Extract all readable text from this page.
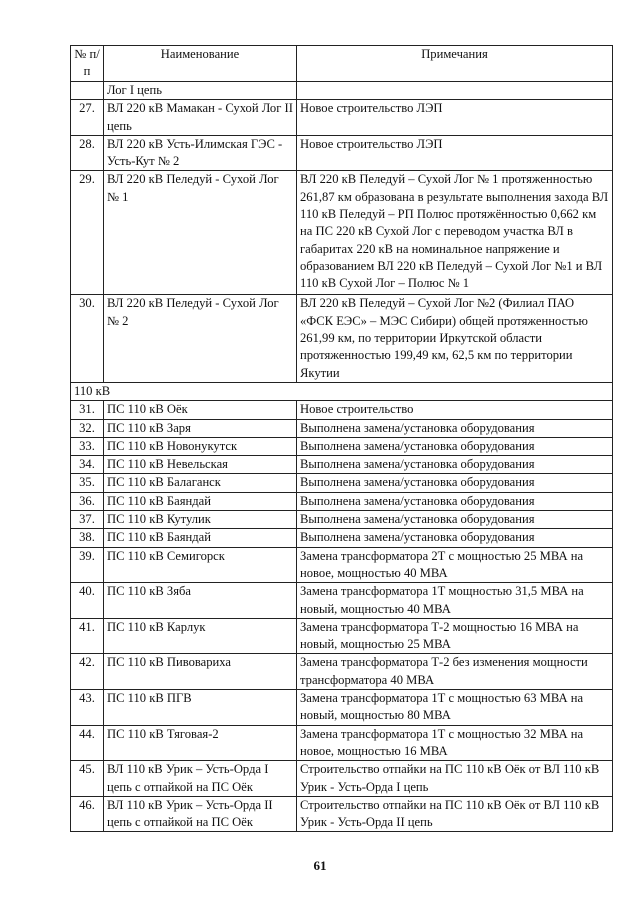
№ п/п	Наименование	Примечания
	Лог I цепь	
27.	ВЛ 220 кВ Мамакан - Сухой Лог II цепь	Новое строительство ЛЭП
28.	ВЛ 220 кВ Усть-Илимская ГЭС - Усть-Кут № 2	Новое строительство ЛЭП
29.	ВЛ 220 кВ Пеледуй - Сухой Лог № 1	ВЛ 220 кВ Пеледуй – Сухой Лог № 1 протяженностью 261,87 км образована в результате выполнения захода ВЛ 110 кВ Пеледуй – РП Полюс протяжённостью 0,662 км на ПС 220 кВ Сухой Лог с переводом участка ВЛ в габаритах 220 кВ на номинальное напряжение и образованием ВЛ 220 кВ Пеледуй – Сухой Лог №1 и ВЛ 110 кВ Сухой Лог – Полюс № 1
30.	ВЛ 220 кВ Пеледуй - Сухой Лог № 2	ВЛ 220 кВ Пеледуй – Сухой Лог №2 (Филиал ПАО «ФСК ЕЭС» – МЭС Сибири) общей протяженностью 261,99 км, по территории Иркутской области протяженностью 199,49 км, 62,5 км по территории Якутии
110 кВ		
31.	ПС 110 кВ Оёк	Новое строительство
32.	ПС 110 кВ Заря	Выполнена замена/установка оборудования
33.	ПС 110 кВ Новонукутск	Выполнена замена/установка оборудования
34.	ПС 110 кВ Невельская	Выполнена замена/установка оборудования
35.	ПС 110 кВ Балаганск	Выполнена замена/установка оборудования
36.	ПС 110 кВ Баяндай	Выполнена замена/установка оборудования
37.	ПС 110 кВ Кутулик	Выполнена замена/установка оборудования
38.	ПС 110 кВ Баяндай	Выполнена замена/установка оборудования
39.	ПС 110 кВ Семигорск	Замена трансформатора 2Т с мощностью 25 МВА на новое, мощностью 40 МВА
40.	ПС 110 кВ Зяба	Замена трансформатора 1Т мощностью 31,5 МВА на новый, мощностью 40 МВА
41.	ПС 110 кВ Карлук	Замена трансформатора Т-2 мощностью 16 МВА на новый, мощностью 25 МВА
42.	ПС 110 кВ Пивовариха	Замена трансформатора Т-2 без изменения мощности трансформатора 40 МВА
43.	ПС 110 кВ ПГВ	Замена трансформатора 1Т с мощностью 63 МВА на новый, мощностью 80 МВА
44.	ПС 110 кВ Тяговая-2	Замена трансформатора 1Т с мощностью 32 МВА на новое, мощностью 16 МВА
45.	ВЛ 110 кВ Урик – Усть-Орда I цепь с отпайкой на ПС Оёк	Строительство отпайки на ПС 110 кВ Оёк от ВЛ 110 кВ Урик - Усть-Орда I цепь
46.	ВЛ 110 кВ Урик – Усть-Орда II цепь с отпайкой на ПС Оёк	Строительство отпайки на ПС 110 кВ Оёк от ВЛ 110 кВ Урик - Усть-Орда II цепь
61
